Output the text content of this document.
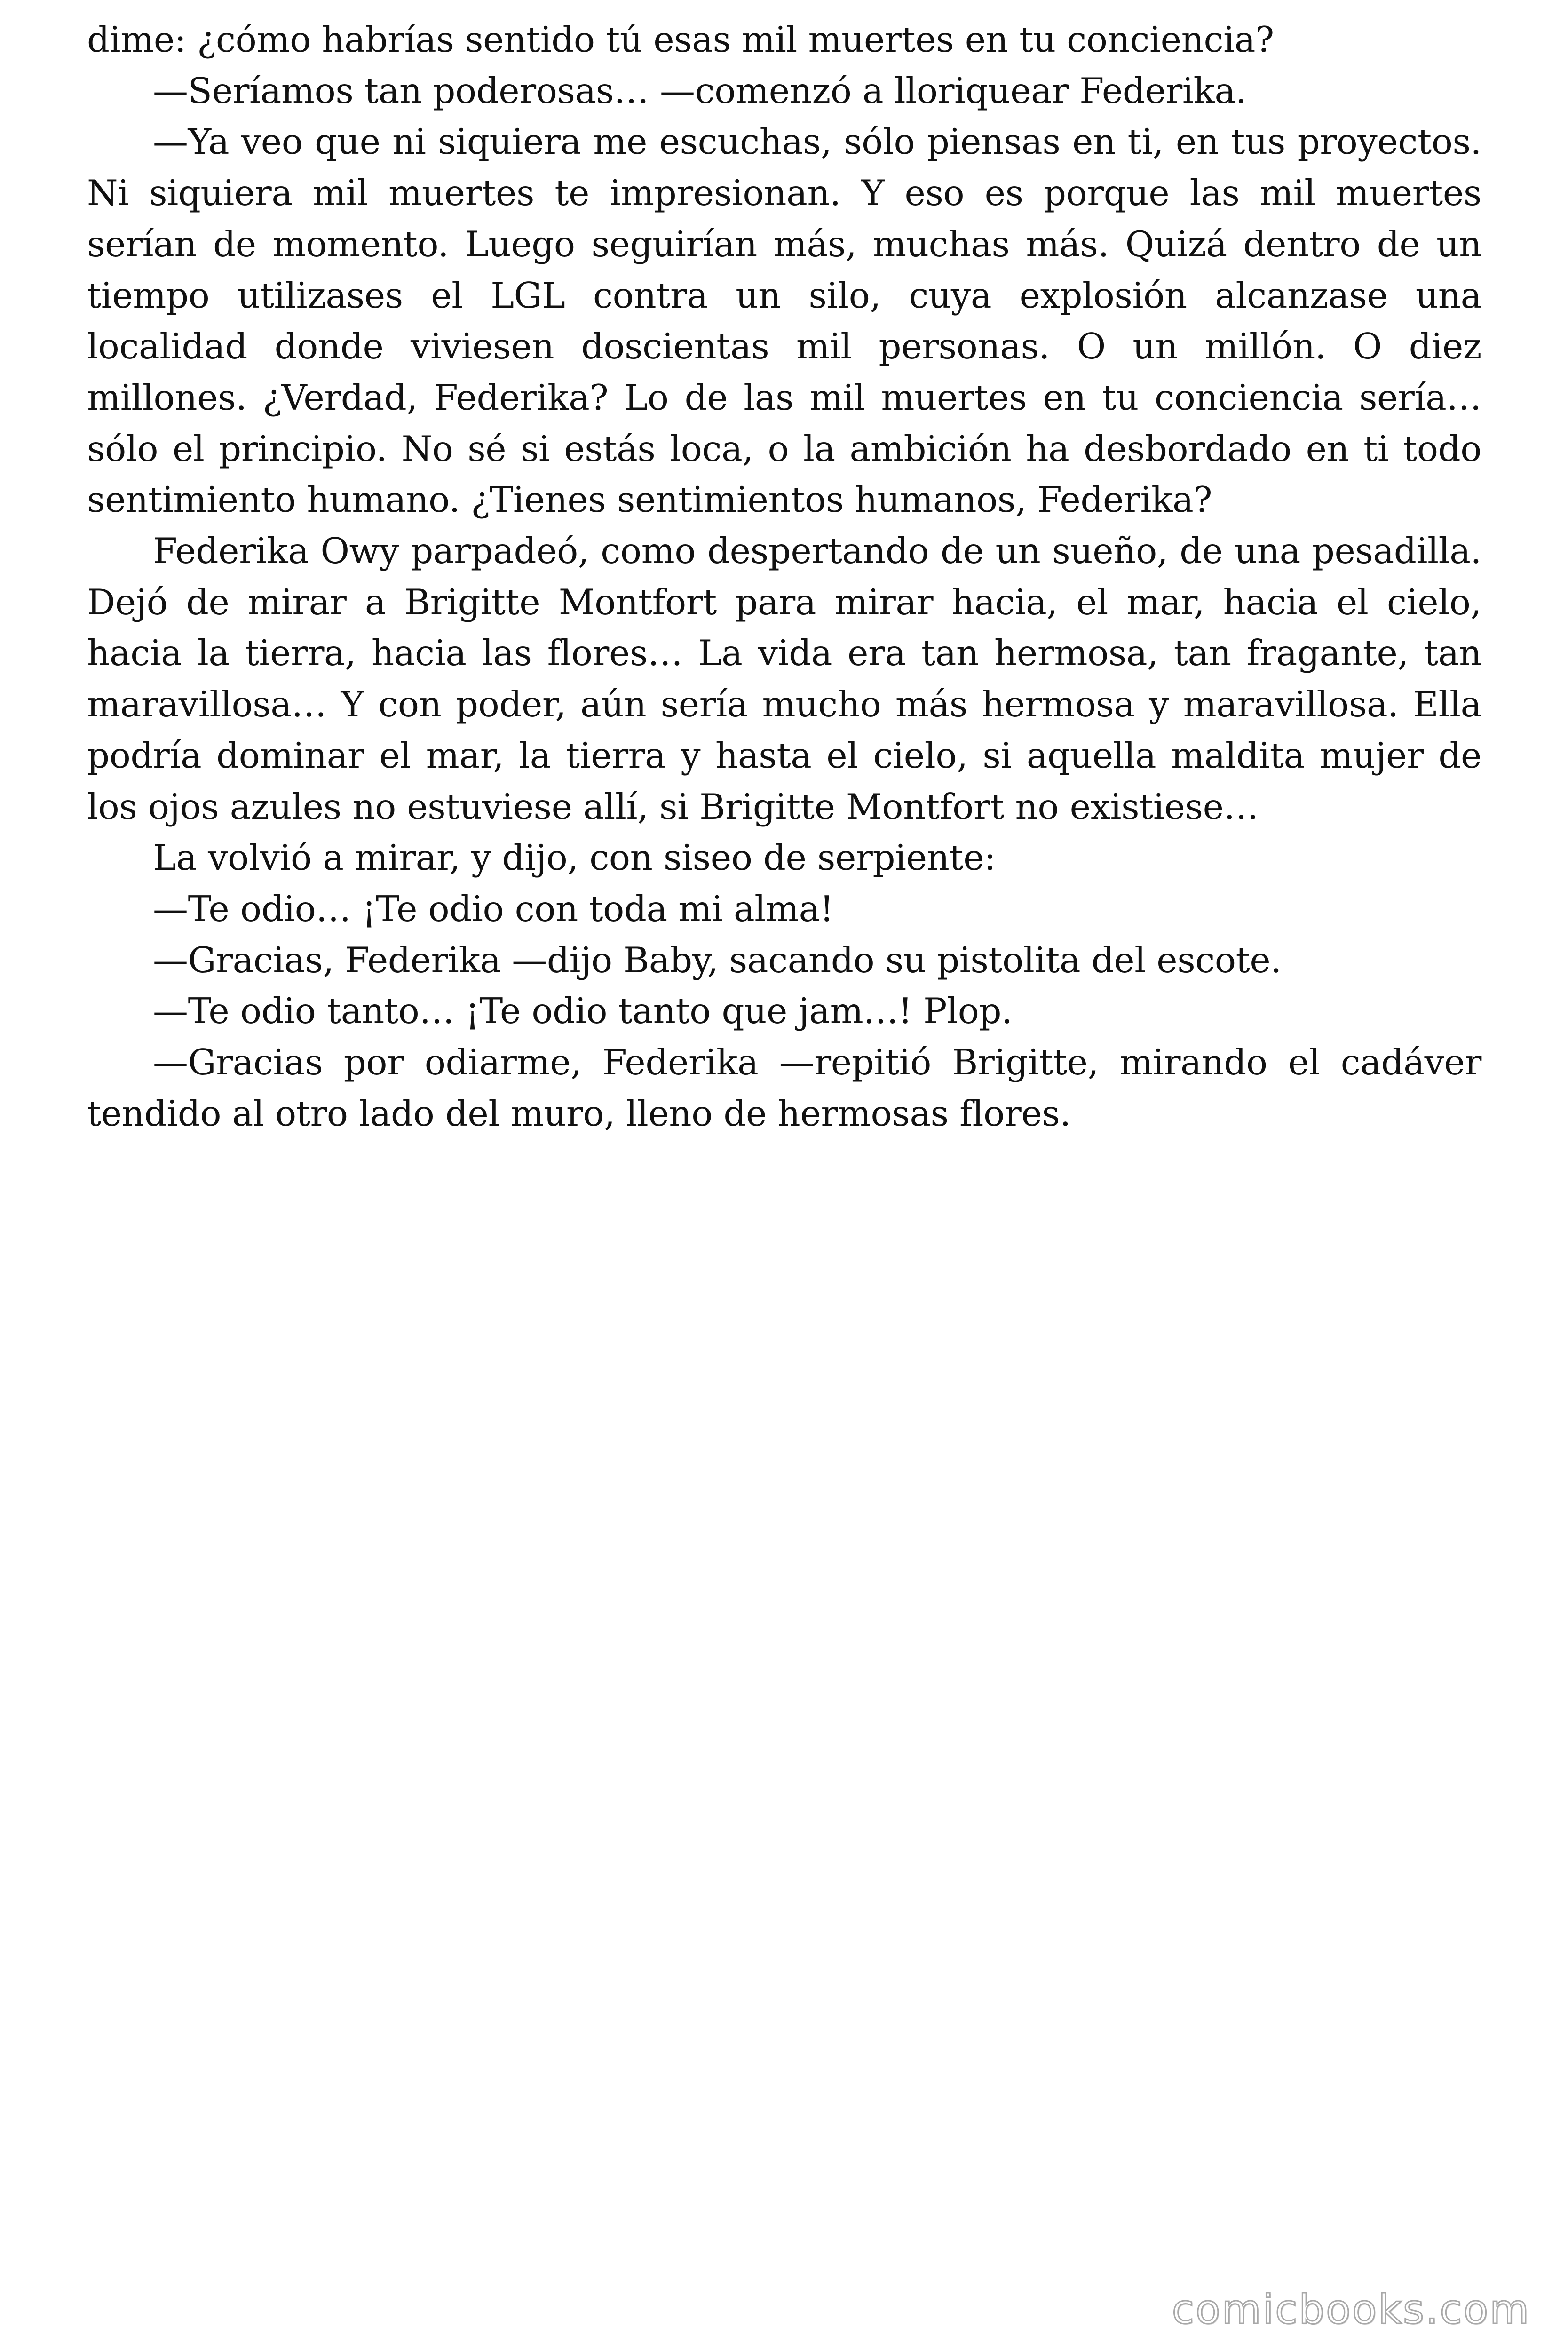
dime: ¿cómo habrías sentido tú esas mil muertes en tu conciencia?

—Seríamos tan poderosas… —comenzó a lloriquear Federika.

—Ya veo que ni siquiera me escuchas, sólo piensas en ti, en tus proyectos. Ni siquiera mil muertes te impresionan. Y eso es porque las mil muertes serían de momento. Luego seguirían más, muchas más. Quizá dentro de un tiempo utilizases el LGL contra un silo, cuya explosión alcanzase una localidad donde viviesen doscientas mil personas. O un millón. O diez millones. ¿Verdad, Federika? Lo de las mil muertes en tu conciencia sería… sólo el principio. No sé si estás loca, o la ambición ha desbordado en ti todo sentimiento humano. ¿Tienes sentimientos humanos, Federika?

Federika Owy parpadeó, como despertando de un sueño, de una pesadilla. Dejó de mirar a Brigitte Montfort para mirar hacia, el mar, hacia el cielo, hacia la tierra, hacia las flores… La vida era tan hermosa, tan fragante, tan maravillosa… Y con poder, aún sería mucho más hermosa y maravillosa. Ella podría dominar el mar, la tierra y hasta el cielo, si aquella maldita mujer de los ojos azules no estuviese allí, si Brigitte Montfort no existiese…

La volvió a mirar, y dijo, con siseo de serpiente:

—Te odio… ¡Te odio con toda mi alma!

—Gracias, Federika —dijo Baby, sacando su pistolita del escote.

—Te odio tanto… ¡Te odio tanto que jam…! Plop.

—Gracias por odiarme, Federika —repitió Brigitte, mirando el cadáver tendido al otro lado del muro, lleno de hermosas flores.

comicbooks.com
